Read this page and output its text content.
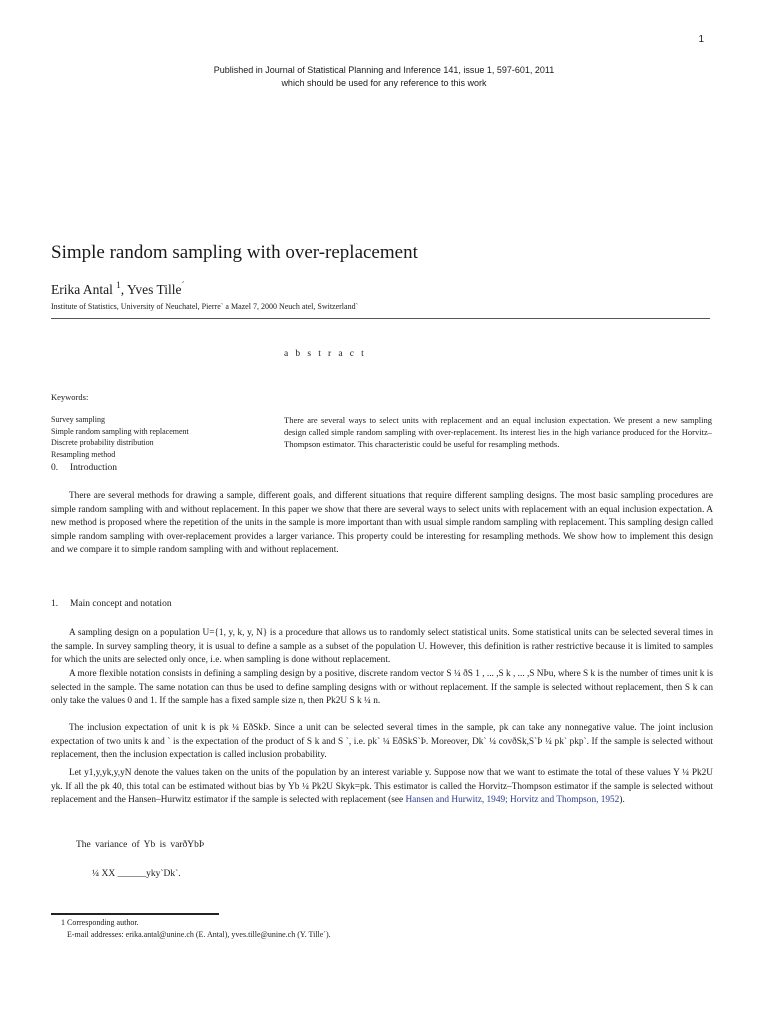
1
Published in Journal of Statistical Planning and Inference 141, issue 1, 597-601, 2011
which should be used for any reference to this work
Simple random sampling with over-replacement
Erika Antal $^1$, Yves Tille´
Institute of Statistics, University of Neuchatel, Pierre` a Mazel 7, 2000 Neuch atel, Switzerland`
a b s t r a c t
Keywords:
Survey sampling
Simple random sampling with replacement
Discrete probability distribution
Resampling method
There are several ways to select units with replacement and an equal inclusion expectation. We present a new sampling design called simple random sampling with over-replacement. Its interest lies in the high variance produced for the Horvitz– Thompson estimator. This characteristic could be useful for resampling methods.
0. Introduction
There are several methods for drawing a sample, different goals, and different situations that require different sampling designs. The most basic sampling procedures are simple random sampling with and without replacement. In this paper we show that there are several ways to select units with replacement with an equal inclusion expectation. A new method is proposed where the repetition of the units in the sample is more important than with usual simple random sampling with replacement. This sampling design called simple random sampling with over-replacement provides a larger variance. This property could be interesting for resampling methods. We show how to implement this design and we compare it to simple random sampling with and without replacement.
1. Main concept and notation
A sampling design on a population U={1, y, k, y, N} is a procedure that allows us to randomly select statistical units. Some statistical units can be selected several times in the sample. In survey sampling theory, it is usual to define a sample as a subset of the population U. However, this definition is rather restrictive because it is limited to samples for which the units are selected only once, i.e. when sampling is done without replacement.
A more flexible notation consists in defining a sampling design by a positive, discrete random vector S ¼ ðS 1 , ... ,S k , ... ,S NÞu, where S k is the number of times unit k is selected in the sample. The same notation can thus be used to define sampling designs with or without replacement. If the sample is selected without replacement, then S k can only take the values 0 and 1. If the sample has a fixed sample size n, then Pk2U S k ¼ n.
The inclusion expectation of unit k is pk ¼ EðSkÞ. Since a unit can be selected several times in the sample, pk can take any nonnegative value. The joint inclusion expectation of two units k and ` is the expectation of the product of S k and S `, i.e. pk` ¼ EðSkS`Þ. Moreover, Dk` ¼ covðSk,S`Þ ¼ pk` pkp`. If the sample is selected without replacement, then the inclusion expectation is called inclusion probability.
Let y1,y,yk,y,yN denote the values taken on the units of the population by an interest variable y. Suppose now that we want to estimate the total of these values Y ¼ Pk2U yk. If all the pk 40, this total can be estimated without bias by Yb ¼ Pk2U Skyk=pk. This estimator is called the Horvitz–Thompson estimator if the sample is selected without replacement and the Hansen–Hurwitz estimator if the sample is selected with replacement (see Hansen and Hurwitz, 1949; Horvitz and Thompson, 1952).
The variance of Yb is varðYbÞ
¼ XX ______yky`Dk`.
1 Corresponding author.
E-mail addresses: erika.antal@unine.ch (E. Antal), yves.tille@unine.ch (Y. Tille´).
